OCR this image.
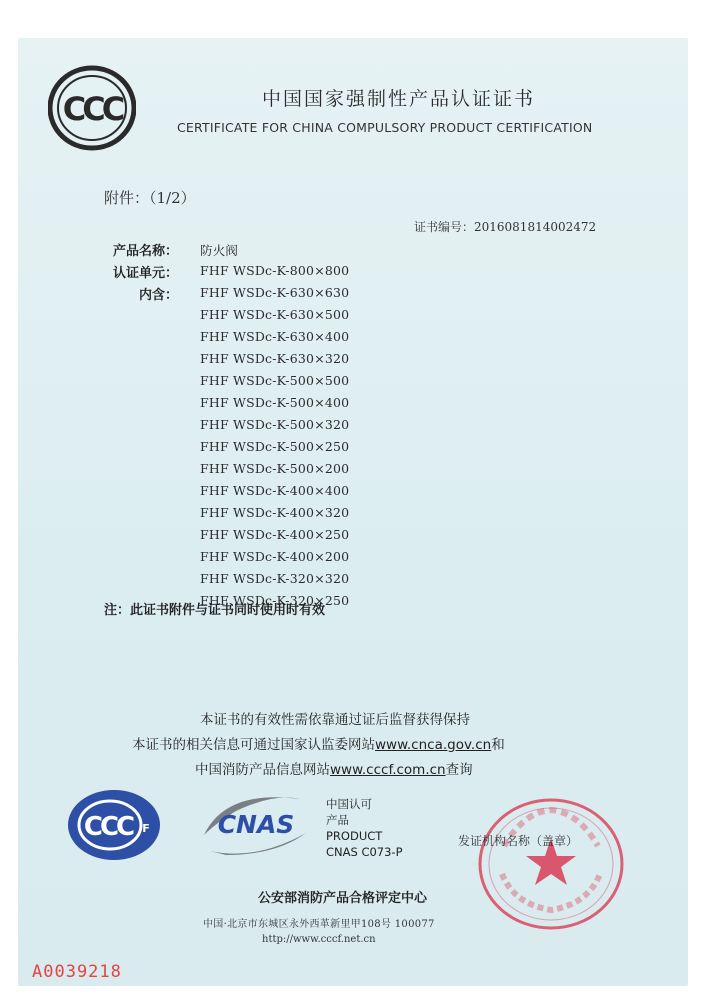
CCC	中国国家强制性产品认证证书
CERTIFICATE FOR CHINA COMPULSORY PRODUCT CERTIFICATION
附件：（1/2）
证书编号：2016081814002472
产品名称： 防火阀
认证单元： FHF WSDc-K-800×800
内含： FHF WSDc-K-630×630
FHF WSDc-K-630×500
FHF WSDc-K-630×400
FHF WSDc-K-630×320
FHF WSDc-K-500×500
FHF WSDc-K-500×400
FHF WSDc-K-500×320
FHF WSDc-K-500×250
FHF WSDc-K-500×200
FHF WSDc-K-400×400
FHF WSDc-K-400×320
FHF WSDc-K-400×250
FHF WSDc-K-400×200
FHF WSDc-K-320×320
FHF WSDc-K-320×250
注：此证书附件与证书同时使用时有效
本证书的有效性需依靠通过证后监督获得保持
本证书的相关信息可通过国家认监委网站www.cnca.gov.cn和
中国消防产品信息网站www.cccf.com.cn查询
CCC F	CNAS
中国认可
产品
PRODUCT
CNAS C073-P
发证机构名称（盖章）
公安部消防产品合格评定中心
中国·北京市东城区永外西革新里甲108号 100077
http://www.cccf.net.cn
A0039218
